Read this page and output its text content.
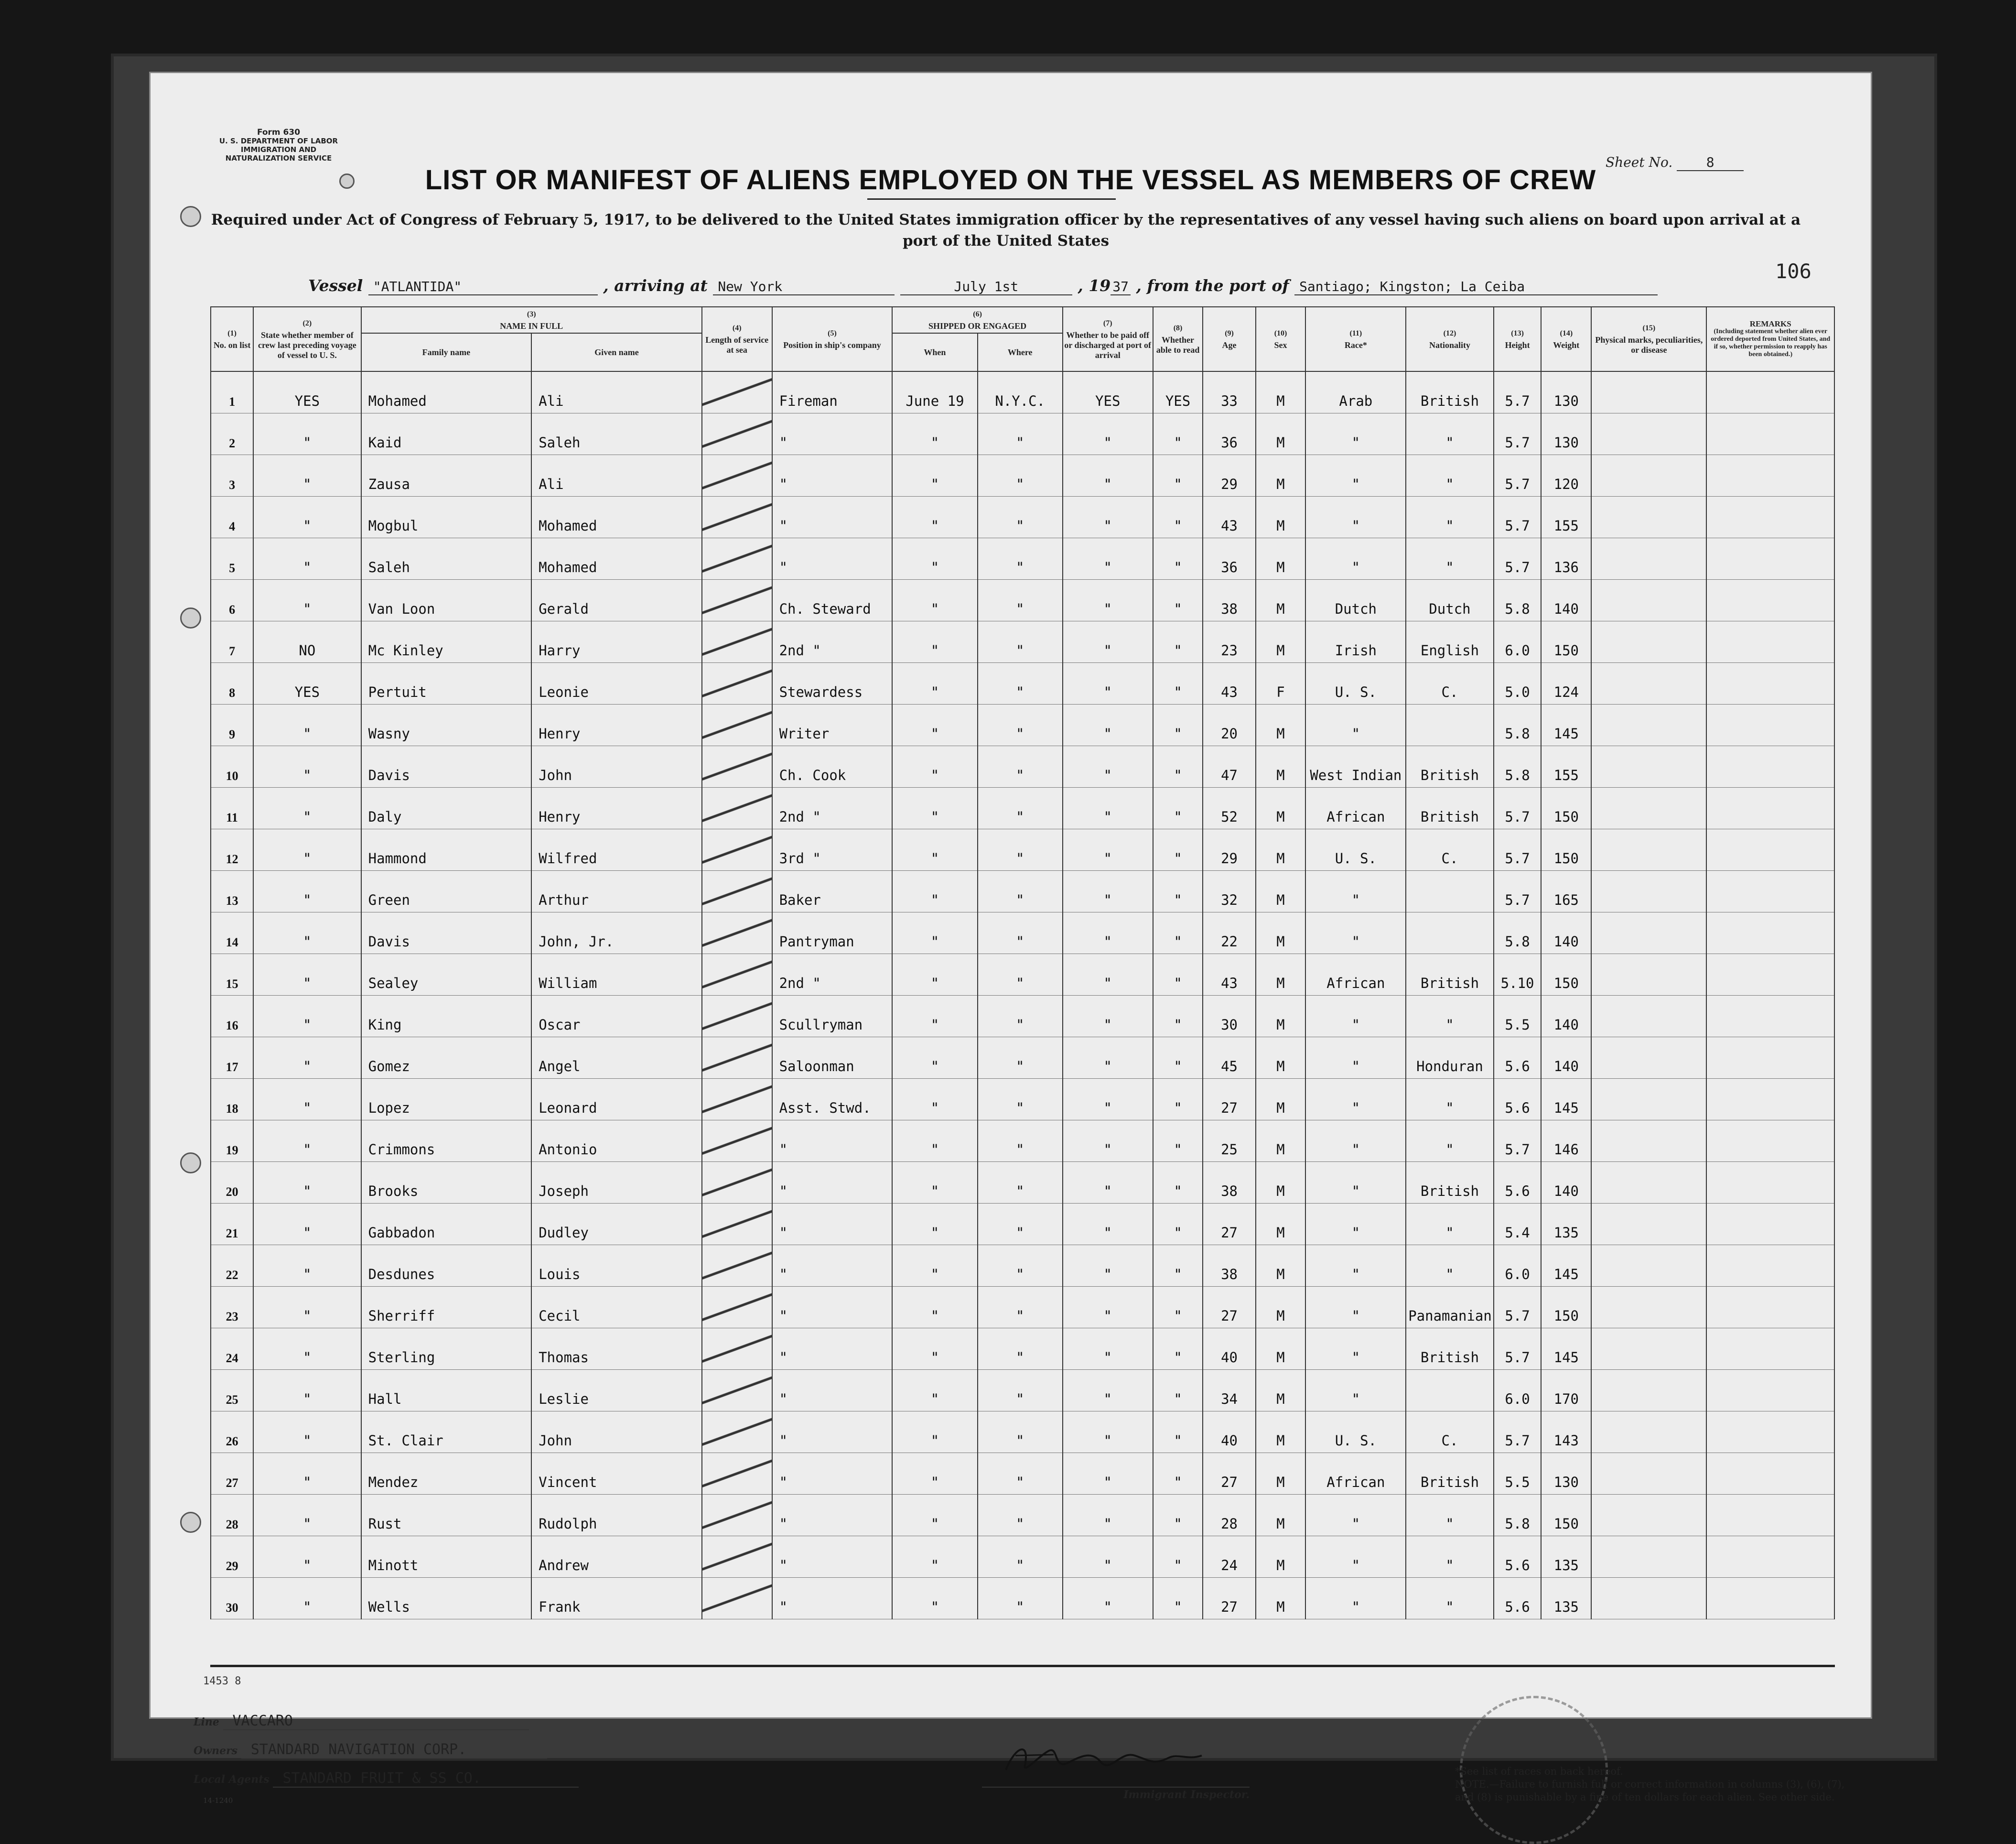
Form 630
U. S. DEPARTMENT OF LABOR
IMMIGRATION AND NATURALIZATION SERVICE	Sheet No.	8
LIST OR MANIFEST OF ALIENS EMPLOYED ON THE VESSEL AS MEMBERS OF CREW
Required under Act of Congress of February 5, 1917, to be delivered to the United States immigration officer by the representatives of any vessel having such aliens on board upon arrival at a port of the United States
106
Vessel "ATLANTIDA"	, arriving at New York	July 1st	, 19 37 , from the port of Santiago; Kingston; La Ceiba
(1)
No. on list	(2)
State whether member of crew last preceding voyage of vessel to U. S.	(3)
NAME IN FULL		(4)
Length of service at sea	(5)
Position in ship's company	(6)
SHIPPED OR ENGAGED		(7)
Whether to be paid off or discharged at port of arrival	(8)
Whether able to read	(9)
Age	(10)
Sex	(11)
Race*	(12)
Nationality	(13)
Height	(14)
Weight	(15)
Physical marks, peculiarities, or disease	REMARKS
(Including statement whether alien ever ordered deported from United States, and if so, whether permission to reapply has been obtained.)
		Family name	Given name			When	Where										
1	YES	Mohamed	Ali		Fireman	June 19	N.Y.C.	YES	YES	33	M	Arab	British	5.7	130		
2	"	Kaid	Saleh		"	"	"	"	"	36	M	"	"	5.7	130		
3	"	Zausa	Ali		"	"	"	"	"	29	M	"	"	5.7	120		
4	"	Mogbul	Mohamed		"	"	"	"	"	43	M	"	"	5.7	155		
5	"	Saleh	Mohamed		"	"	"	"	"	36	M	"	"	5.7	136		
6	"	Van Loon	Gerald		Ch. Steward	"	"	"	"	38	M	Dutch	Dutch	5.8	140		
7	NO	Mc Kinley	Harry		2nd "	"	"	"	"	23	M	Irish	English	6.0	150		
8	YES	Pertuit	Leonie		Stewardess	"	"	"	"	43	F	U. S.	C.	5.0	124		
9	"	Wasny	Henry		Writer	"	"	"	"	20	M	"		5.8	145		
10	"	Davis	John		Ch. Cook	"	"	"	"	47	M	West Indian	British	5.8	155		
11	"	Daly	Henry		2nd "	"	"	"	"	52	M	African	British	5.7	150		
12	"	Hammond	Wilfred		3rd "	"	"	"	"	29	M	U. S.	C.	5.7	150		
13	"	Green	Arthur		Baker	"	"	"	"	32	M	"		5.7	165		
14	"	Davis	John, Jr.		Pantryman	"	"	"	"	22	M	"		5.8	140		
15	"	Sealey	William		2nd "	"	"	"	"	43	M	African	British	5.10	150		
16	"	King	Oscar		Scullryman	"	"	"	"	30	M	"	"	5.5	140		
17	"	Gomez	Angel		Saloonman	"	"	"	"	45	M	"	Honduran	5.6	140		
18	"	Lopez	Leonard		Asst. Stwd.	"	"	"	"	27	M	"	"	5.6	145		
19	"	Crimmons	Antonio		"	"	"	"	"	25	M	"	"	5.7	146		
20	"	Brooks	Joseph		"	"	"	"	"	38	M	"	British	5.6	140		
21	"	Gabbadon	Dudley		"	"	"	"	"	27	M	"	"	5.4	135		
22	"	Desdunes	Louis		"	"	"	"	"	38	M	"	"	6.0	145		
23	"	Sherriff	Cecil		"	"	"	"	"	27	M	"	Panamanian	5.7	150		
24	"	Sterling	Thomas		"	"	"	"	"	40	M	"	British	5.7	145		
25	"	Hall	Leslie		"	"	"	"	"	34	M	"		6.0	170		
26	"	St. Clair	John		"	"	"	"	"	40	M	U. S.	C.	5.7	143		
27	"	Mendez	Vincent		"	"	"	"	"	27	M	African	British	5.5	130		
28	"	Rust	Rudolph		"	"	"	"	"	28	M	"	"	5.8	150		
29	"	Minott	Andrew		"	"	"	"	"	24	M	"	"	5.6	135		
30	"	Wells	Frank		"	"	"	"	"	27	M	"	"	5.6	135		
1453 8
Line VACCARO
Owners STANDARD NAVIGATION CORP.
Local Agents STANDARD FRUIT & SS CO.
14-1240	Immigrant Inspector.
*See list of races on back hereof.
NOTE.—Failure to furnish full or correct information in columns (3), (6), (7), and (8) is punishable by a fine of ten dollars for each alien. See other side.
